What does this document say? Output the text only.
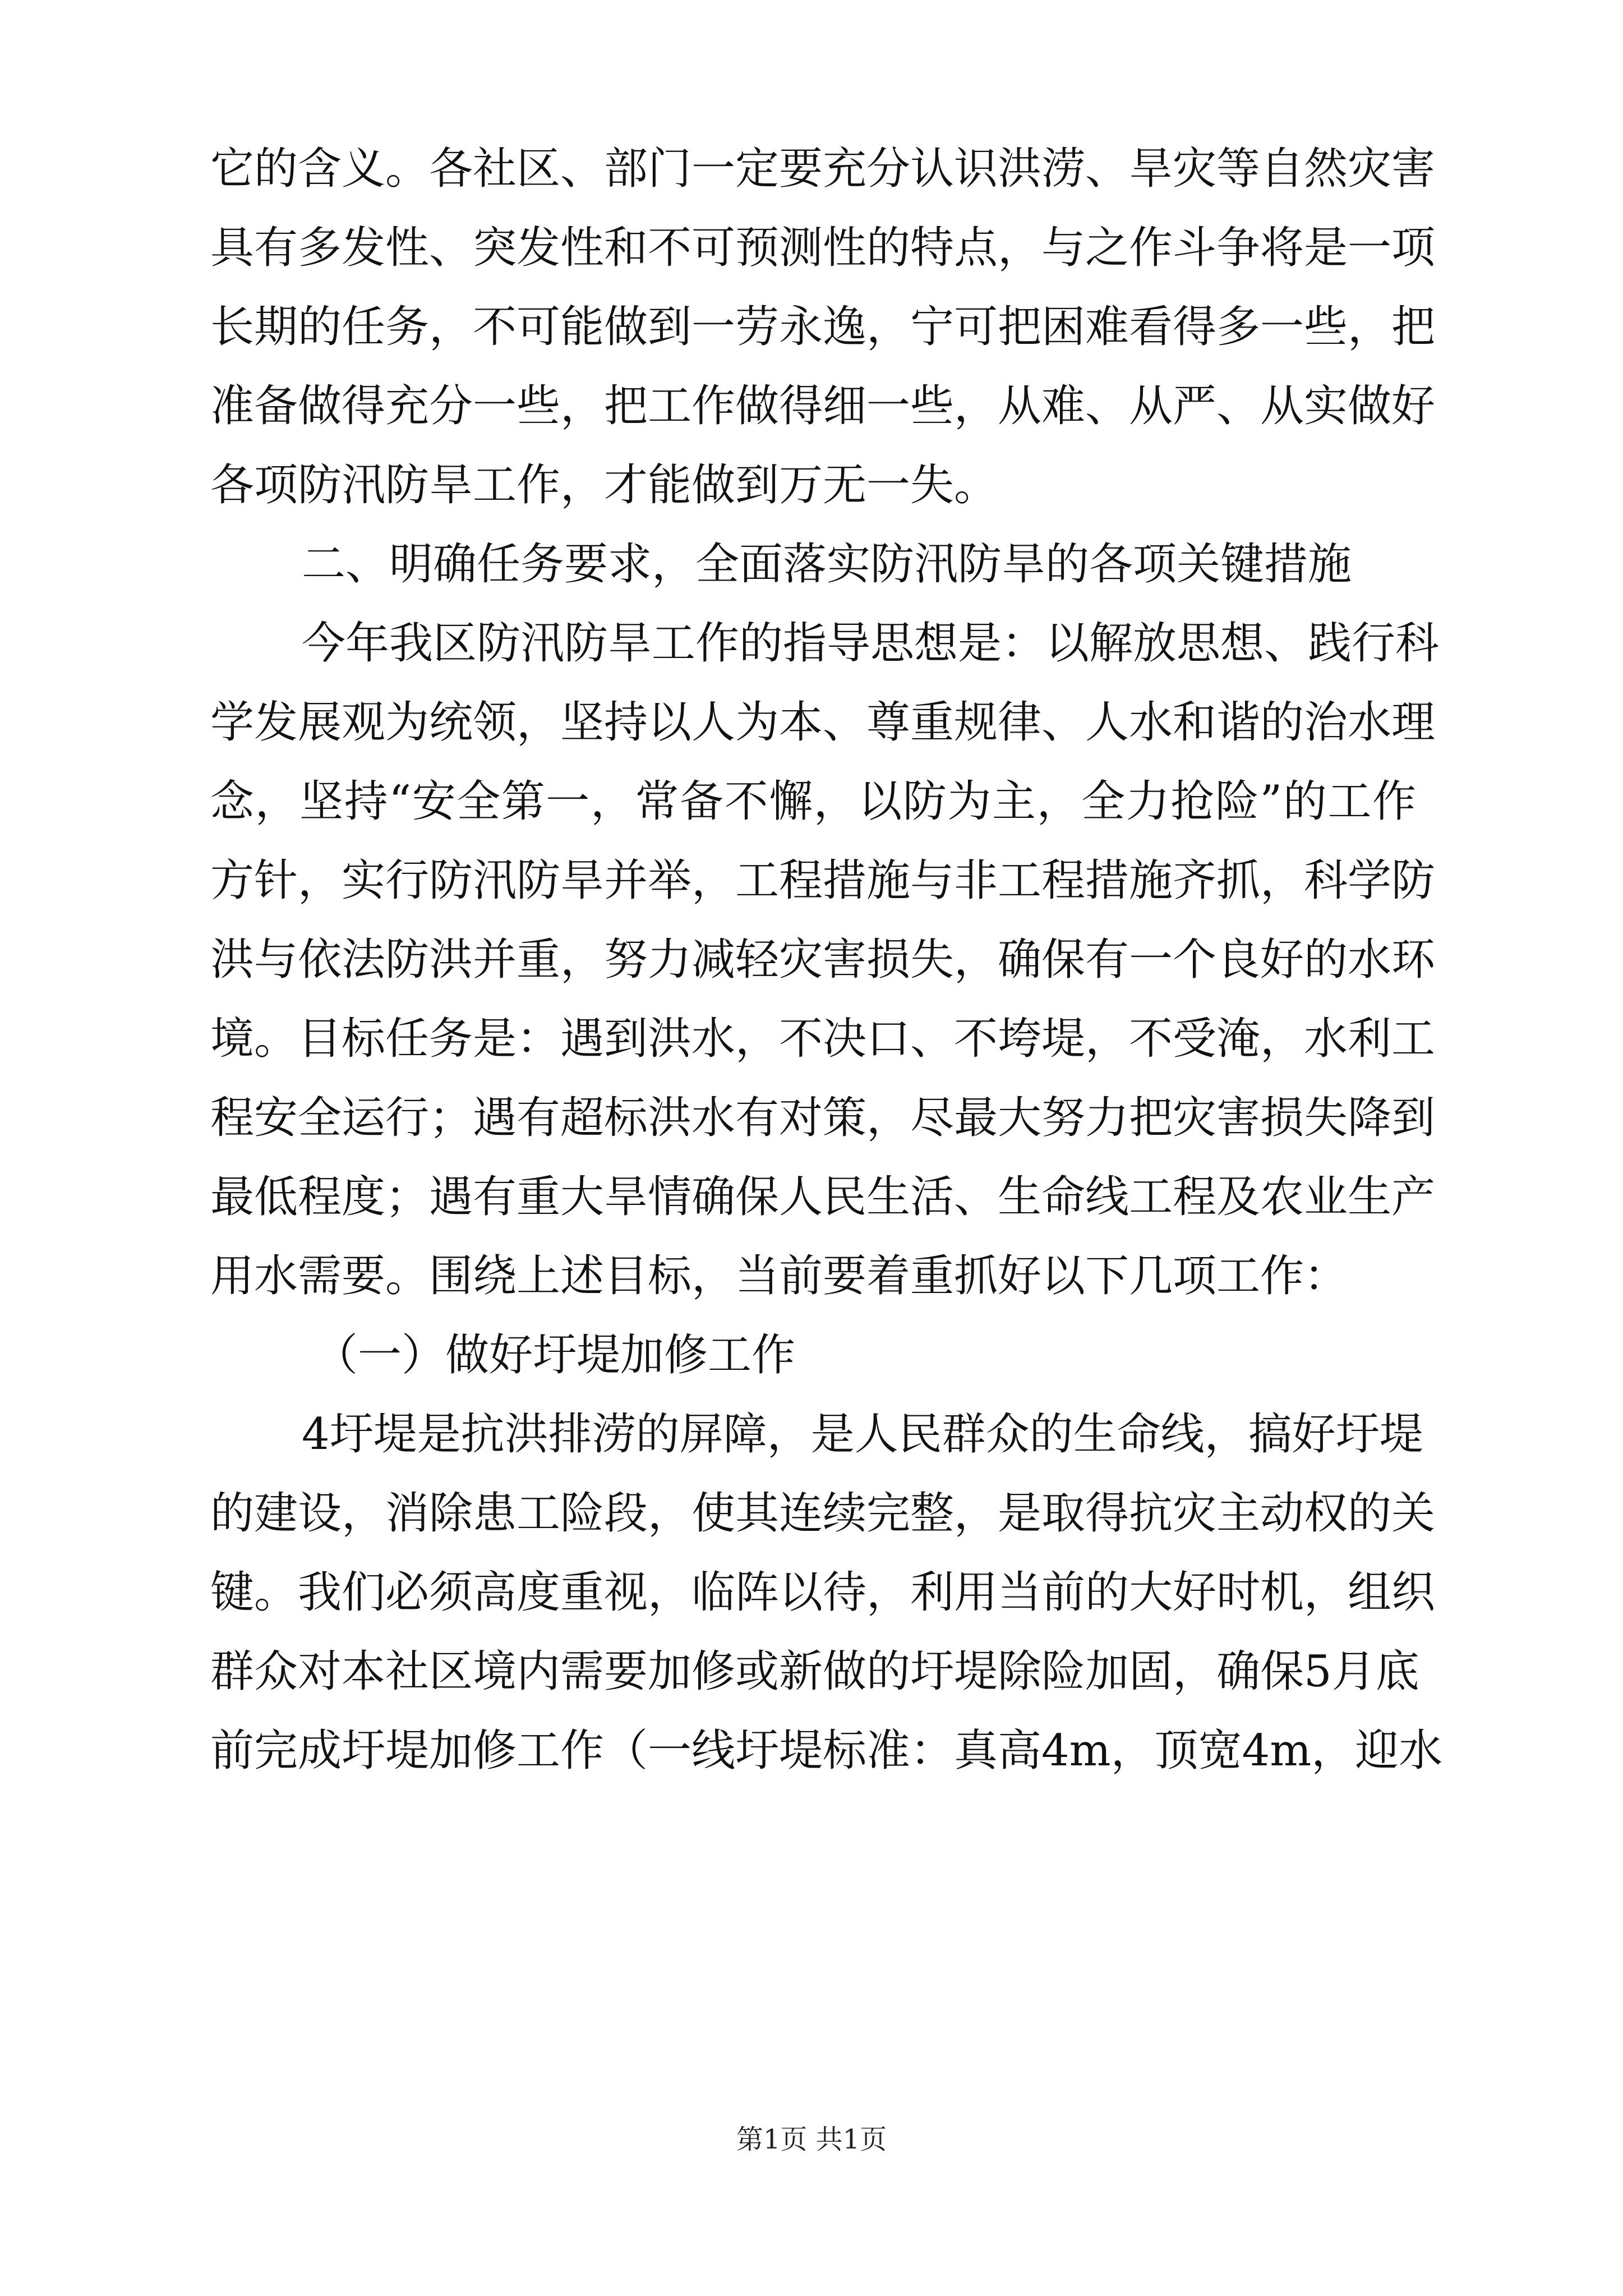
它的含义。各社区、部门一定要充分认识洪涝、旱灾等自然灾害
具有多发性、突发性和不可预测性的特点，与之作斗争将是一项
长期的任务，不可能做到一劳永逸，宁可把困难看得多一些，把
准备做得充分一些，把工作做得细一些，从难、从严、从实做好
各项防汛防旱工作，才能做到万无一失。
二、明确任务要求，全面落实防汛防旱的各项关键措施
今年我区防汛防旱工作的指导思想是：以解放思想、践行科
学发展观为统领，坚持以人为本、尊重规律、人水和谐的治水理
念，坚持“安全第一，常备不懈，以防为主，全力抢险”的工作
方针，实行防汛防旱并举，工程措施与非工程措施齐抓，科学防
洪与依法防洪并重，努力减轻灾害损失，确保有一个良好的水环
境。目标任务是：遇到洪水，不决口、不垮堤，不受淹，水利工
程安全运行；遇有超标洪水有对策，尽最大努力把灾害损失降到
最低程度；遇有重大旱情确保人民生活、生命线工程及农业生产
用水需要。围绕上述目标，当前要着重抓好以下几项工作：
（一）做好圩堤加修工作
4圩堤是抗洪排涝的屏障，是人民群众的生命线，搞好圩堤
的建设，消除患工险段，使其连续完整，是取得抗灾主动权的关
键。我们必须高度重视，临阵以待，利用当前的大好时机，组织
群众对本社区境内需要加修或新做的圩堤除险加固，确保5月底
前完成圩堤加修工作（一线圩堤标准：真高4m，顶宽4m，迎水
第1页 共1页
